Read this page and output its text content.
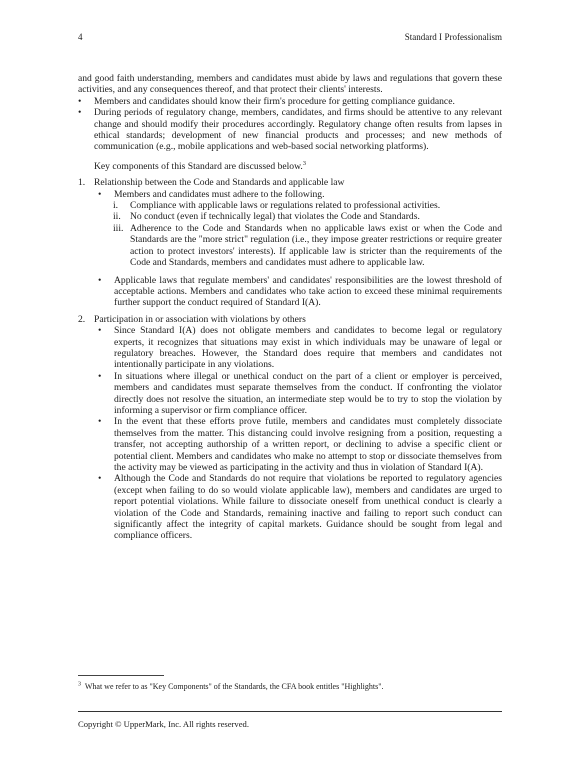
4	Standard I Professionalism

and good faith understanding, members and candidates must abide by laws and regulations that govern these activities, and any consequences thereof, and that protect their clients' interests.

• Members and candidates should know their firm's procedure for getting compliance guidance.

• During periods of regulatory change, members, candidates, and firms should be attentive to any relevant change and should modify their procedures accordingly. Regulatory change often results from lapses in ethical standards; development of new financial products and processes; and new methods of communication (e.g., mobile applications and web-based social networking platforms).

Key components of this Standard are discussed below.$^3$

1. Relationship between the Code and Standards and applicable law

• Members and candidates must adhere to the following.

i. Compliance with applicable laws or regulations related to professional activities.

ii. No conduct (even if technically legal) that violates the Code and Standards.

iii. Adherence to the Code and Standards when no applicable laws exist or when the Code and Standards are the "more strict" regulation (i.e., they impose greater restrictions or require greater action to protect investors' interests). If applicable law is stricter than the requirements of the Code and Standards, members and candidates must adhere to applicable law.

• Applicable laws that regulate members' and candidates' responsibilities are the lowest threshold of acceptable actions. Members and candidates who take action to exceed these minimal requirements further support the conduct required of Standard I(A).

2. Participation in or association with violations by others

• Since Standard I(A) does not obligate members and candidates to become legal or regulatory experts, it recognizes that situations may exist in which individuals may be unaware of legal or regulatory breaches. However, the Standard does require that members and candidates not intentionally participate in any violations.

• In situations where illegal or unethical conduct on the part of a client or employer is perceived, members and candidates must separate themselves from the conduct. If confronting the violator directly does not resolve the situation, an intermediate step would be to try to stop the violation by informing a supervisor or firm compliance officer.

• In the event that these efforts prove futile, members and candidates must completely dissociate themselves from the matter. This distancing could involve resigning from a position, requesting a transfer, not accepting authorship of a written report, or declining to advise a specific client or potential client. Members and candidates who make no attempt to stop or dissociate themselves from the activity may be viewed as participating in the activity and thus in violation of Standard I(A).

• Although the Code and Standards do not require that violations be reported to regulatory agencies (except when failing to do so would violate applicable law), members and candidates are urged to report potential violations. While failure to dissociate oneself from unethical conduct is clearly a violation of the Code and Standards, remaining inactive and failing to report such conduct can significantly affect the integrity of capital markets. Guidance should be sought from legal and compliance officers.

$^3$ What we refer to as "Key Components" of the Standards, the CFA book entitles "Highlights".
Copyright © UpperMark, Inc. All rights reserved.
